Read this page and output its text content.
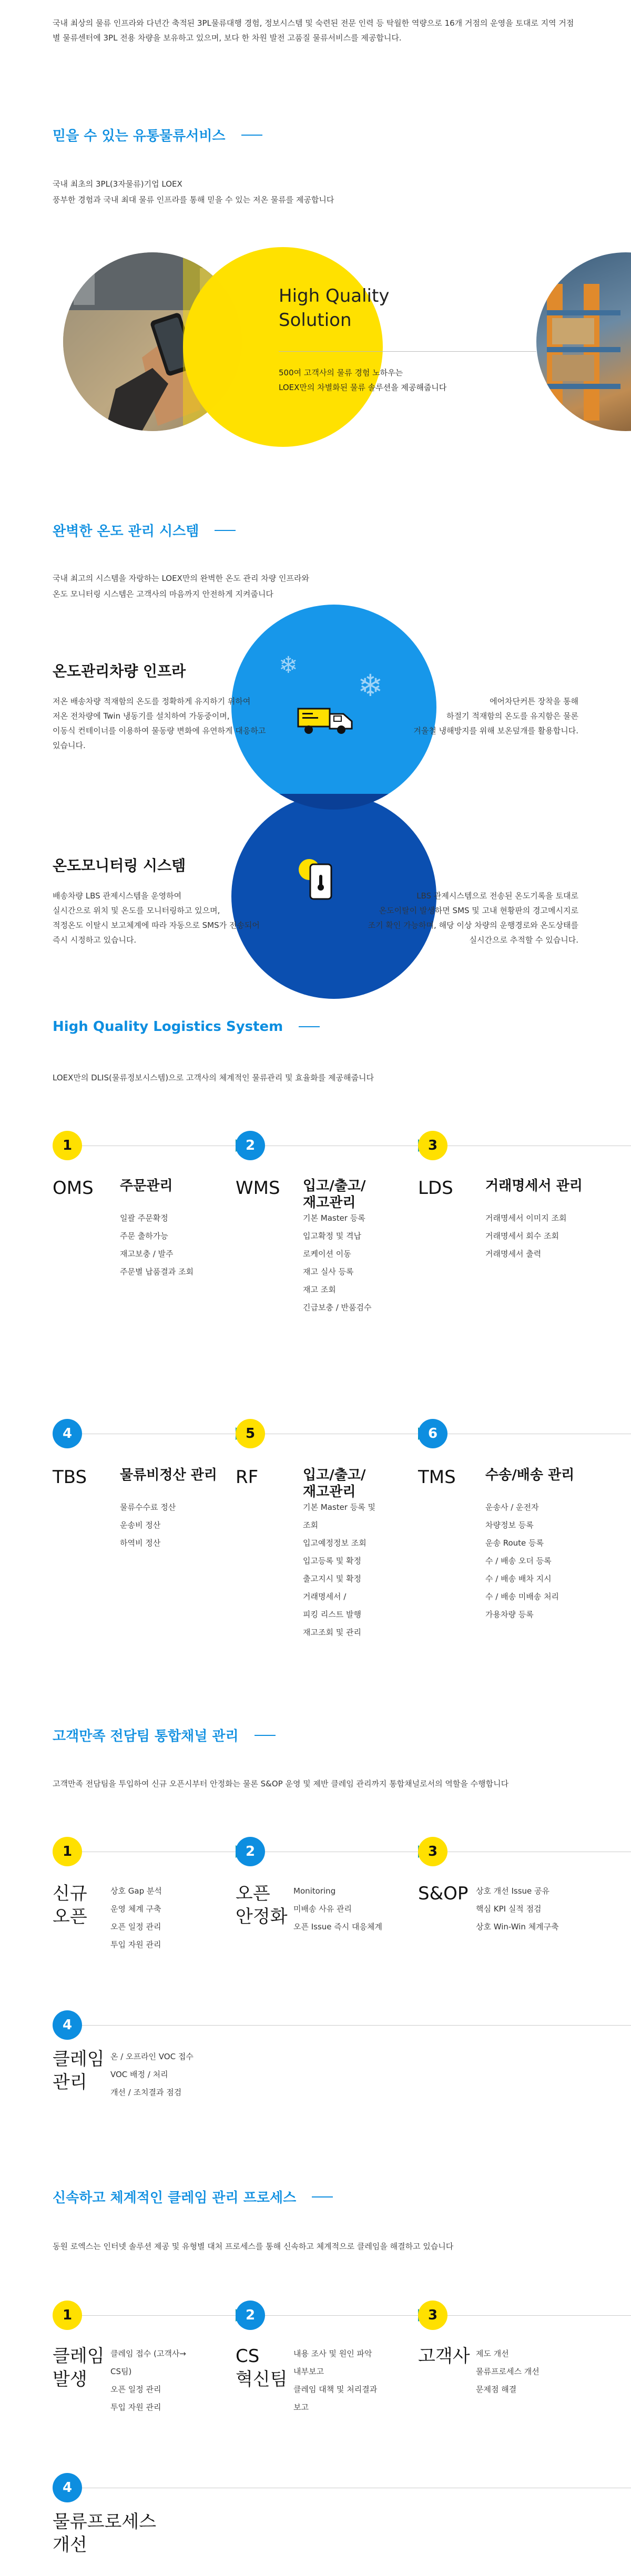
국내 최상의 물류 인프라와 다년간 축적된 3PL물류대행 경험, 정보시스템 및 숙련된 전문 인력 등 탁월한 역량으로 16개 거점의 운영을 토대로 지역 거점별 물류센터에 3PL 전용 차량을 보유하고 있으며, 보다 한 차원 발전 고품질 물류서비스를 제공합니다.
믿을 수 있는 유통물류서비스
국내 최초의 3PL(3자물류)기업 LOEX
풍부한 경험과 국내 최대 물류 인프라를 통해 믿을 수 있는 저온 물류를 제공합니다
High Quality
Solution
500여 고객사의 물류 경험 노하우는
LOEX만의 차별화된 물류 솔루션을 제공해줍니다
완벽한 온도 관리 시스템
국내 최고의 시스템을 자랑하는 LOEX만의 완벽한 온도 관리 차량 인프라와
온도 모니터링 시스템은 고객사의 마음까지 안전하게 지켜줍니다
❄
❄
온도관리차량 인프라
저온 배송차량 적재함의 온도를 정확하게 유지하기 위하여
저온 전차량에 Twin 냉동기를 설치하여 가동중이며,
이동식 컨테이너를 이용하여 물동량 변화에 유연하게 대응하고
있습니다.
에어차단커튼 장착을 통해
하절기 적재함의 온도를 유지함은 물론
겨울철 냉해방지를 위해 보온덮개를 활용합니다.
온도모니터링 시스템
배송차량 LBS 관제시스템을 운영하여
실시간으로 위치 및 온도를 모니터링하고 있으며,
적정온도 이탈시 보고체계에 따라 자동으로 SMS가 전송되어
즉시 시정하고 있습니다.
LBS 관제시스템으로 전송된 온도기록을 토대로
온도이탈이 발생하면 SMS 및 고내 현황판의 경고메시지로
조기 확인 가능하며, 해당 이상 차량의 운행경로와 온도상태를
실시간으로 추적할 수 있습니다.
High Quality Logistics System
LOEX만의 DLIS(물류정보시스템)으로 고객사의 체계적인 물류관리 및 효율화를 제공해줍니다
1	2	3
OMS 주문관리
일괄 주문확정
주문 출하가능
재고보충 / 발주
주문별 납품결과 조회
WMS 입고/출고/재고관리
기본 Master 등록
입고확정 및 격납
로케이션 이동
재고 실사 등록
재고 조회
긴급보충 / 반품검수
LDS 거래명세서 관리
거래명세서 이미지 조회
거래명세서 회수 조회
거래명세서 출력
4	5	6
TBS 물류비정산 관리
물류수수료 정산
운송비 정산
하역비 정산
RF	입고/출고/재고관리
기본 Master 등록 및
조회
입고예정정보 조회
입고등록 및 확정
출고지시 및 확정
거래명세서 /
피킹 리스트 발행
재고조회 및 관리
TMS 수송/배송 관리
운송사 / 운전자
차량정보 등록
운송 Route 등록
수 / 배송 오더 등록
수 / 배송 배차 지시
수 / 배송 미배송 처리
가용차량 등록
고객만족 전담팀 통합채널 관리
고객만족 전담팀을 투입하여 신규 오픈시부터 안정화는 물론 S&OP 운영 및 제반 클레임 관리까지 통합채널로서의 역할을 수행합니다
1	2	3
신규
오픈
상호 Gap 분석
운영 체계 구축
오픈 일정 관리
투입 자원 관리
오픈
안정화
Monitoring
미배송 사유 관리
오픈 Issue 즉시 대응체계
S&OP 상호 개선 Issue 공유
핵심 KPI 실적 점검
상호 Win-Win 체계구축
4
클레임
관리
온 / 오프라인 VOC 접수
VOC 배정 / 처리
개선 / 조치결과 점검
신속하고 체계적인 클레임 관리 프로세스
동원 로엑스는 인터넷 솔루션 제공 및 유형별 대처 프로세스를 통해 신속하고 체계적으로 클레임을 해결하고 있습니다
1	2	3
클레임
발생
클레임 접수 (고객사→
CS팀)
오픈 일정 관리
투입 자원 관리
CS
혁신팀
내용 조사 및 원인 파악
내부보고
클레임 대책 및 처리결과
보고
고객사 제도 개선
물류프로세스 개선
문제점 해결
4
물류프로세스
개선
